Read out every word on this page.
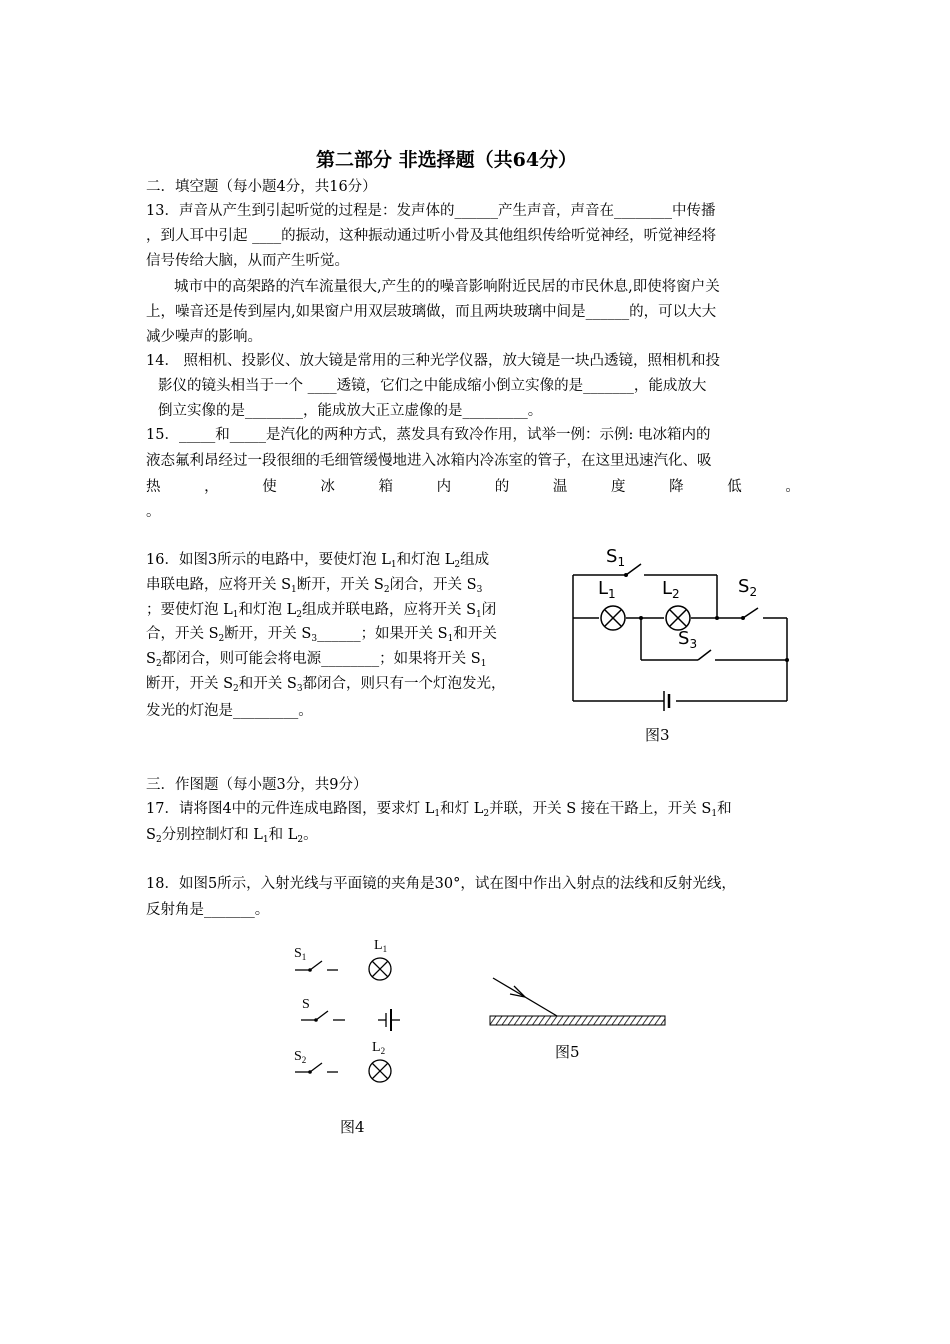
第二部分 非选择题（共64分）
二．填空题（每小题4分，共16分）
13．声音从产生到引起听觉的过程是：发声体的______产生声音，声音在________中传播
，到人耳中引起 ____的振动，这种振动通过听小骨及其他组织传给听觉神经，听觉神经将
信号传给大脑，从而产生听觉。
城市中的高架路的汽车流量很大,产生的的噪音影响附近民居的市民休息,即使将窗户关
上，噪音还是传到屋内,如果窗户用双层玻璃做，而且两块玻璃中间是______的，可以大大
减少噪声的影响。
14． 照相机、投影仪、放大镜是常用的三种光学仪器，放大镜是一块凸透镜，照相机和投
影仪的镜头相当于一个 ____透镜，它们之中能成缩小倒立实像的是_______，能成放大
倒立实像的是________，能成放大正立虚像的是_________。
15．_____和_____是汽化的两种方式，蒸发具有致冷作用，试举一例：示例: 电冰箱内的
液态氟利昂经过一段很细的毛细管缓慢地进入冰箱内冷冻室的管子，在这里迅速汽化、吸
热	，	使	冰	箱	内	的	温	度	降	低	。
。
16．如图3所示的电路中，要使灯泡 $L_1$和灯泡 $L_2$组成
串联电路，应将开关 $S_1$断开，开关 $S_2$闭合，开关 $S_3$
；要使灯泡 $L_1$和灯泡 $L_2$组成并联电路，应将开关 $S_1$闭
合，开关 $S_2$断开，开关 $S_3\_\_\_\_\_\_$；如果开关 $S_1$和开关
$S_2$都闭合，则可能会将电源________；如果将开关 $S_1$
断开，开关 $S_2$和开关 $S_3$都闭合，则只有一个灯泡发光，
发光的灯泡是_________。
$S_1$
$L_1$	$L_2$	$S_2$
$S_3$
图3
三．作图题（每小题3分，共9分）
17．请将图4中的元件连成电路图，要求灯 $L_1$和灯 $L_2$并联，开关 S 接在干路上，开关 $S_1$和
$S_2$分别控制灯和 $L_1$和 $L_2$。
18．如图5所示，入射光线与平面镜的夹角是30°，试在图中作出入射点的法线和反射光线，
反射角是_______。
$S_1$
S
$S_2$
$L_1$
$L_2$
图4
图5
